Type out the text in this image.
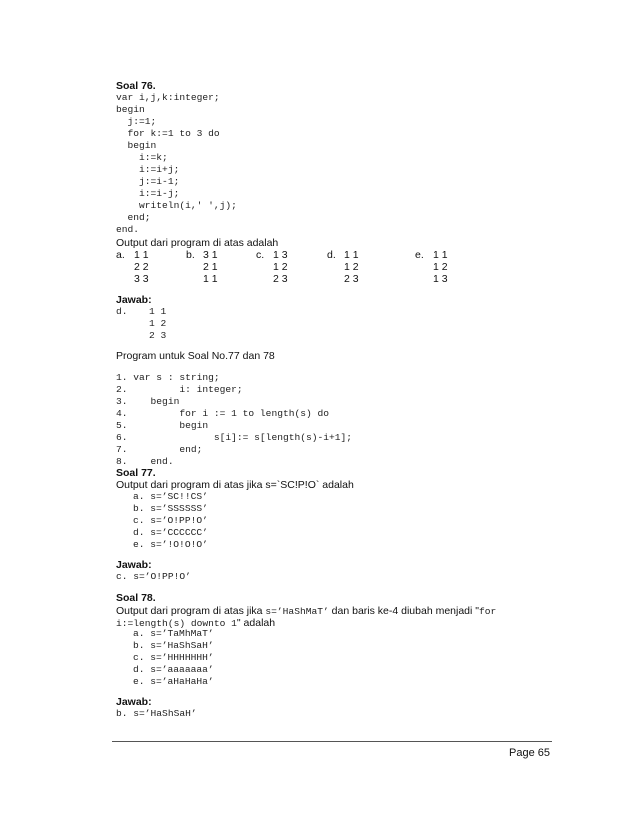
Soal 76.
var i,j,k:integer;
begin
j:=1;
for k:=1 to 3 do
begin
i:=k;
i:=i+j;
j:=i-1;
i:=i-j;
writeln(i,' ',j);
end;
end.
Output dari program di atas adalah
a. 1 1
2 2
3 3
b. 3 1
2 1
1 1
c. 1 3
1 2
2 3
d. 1 1
1 2
2 3
e. 1 1
1 2
1 3
Jawab:
d. 1 1
1 2
2 3
Program untuk Soal No.77 dan 78
1. var s : string;
2.         i: integer;
3.    begin
4.         for i := 1 to length(s) do
5.         begin
6.               s[i]:= s[length(s)-i+1];
7.         end;
8.    end.
Soal 77.
Output dari program di atas jika s=`SC!P!O` adalah
a. s=’SC!!CS’
b. s=’SSSSSS’
c. s=’O!PP!O’
d. s=’CCCCCC’
e. s=’!O!O!O’
Jawab:
c. s=’O!PP!O’
Soal 78.
Output dari program di atas jika s=’HaShMaT’ dan baris ke-4 diubah menjadi "for
i:=length(s) downto 1" adalah
a. s=’TaMhMaT’
b. s=’HaShSaH’
c. s=’HHHHHHH’
d. s=’aaaaaaa’
e. s=’aHaHaHa’
Jawab:
b. s=’HaShSaH’
Page 65
